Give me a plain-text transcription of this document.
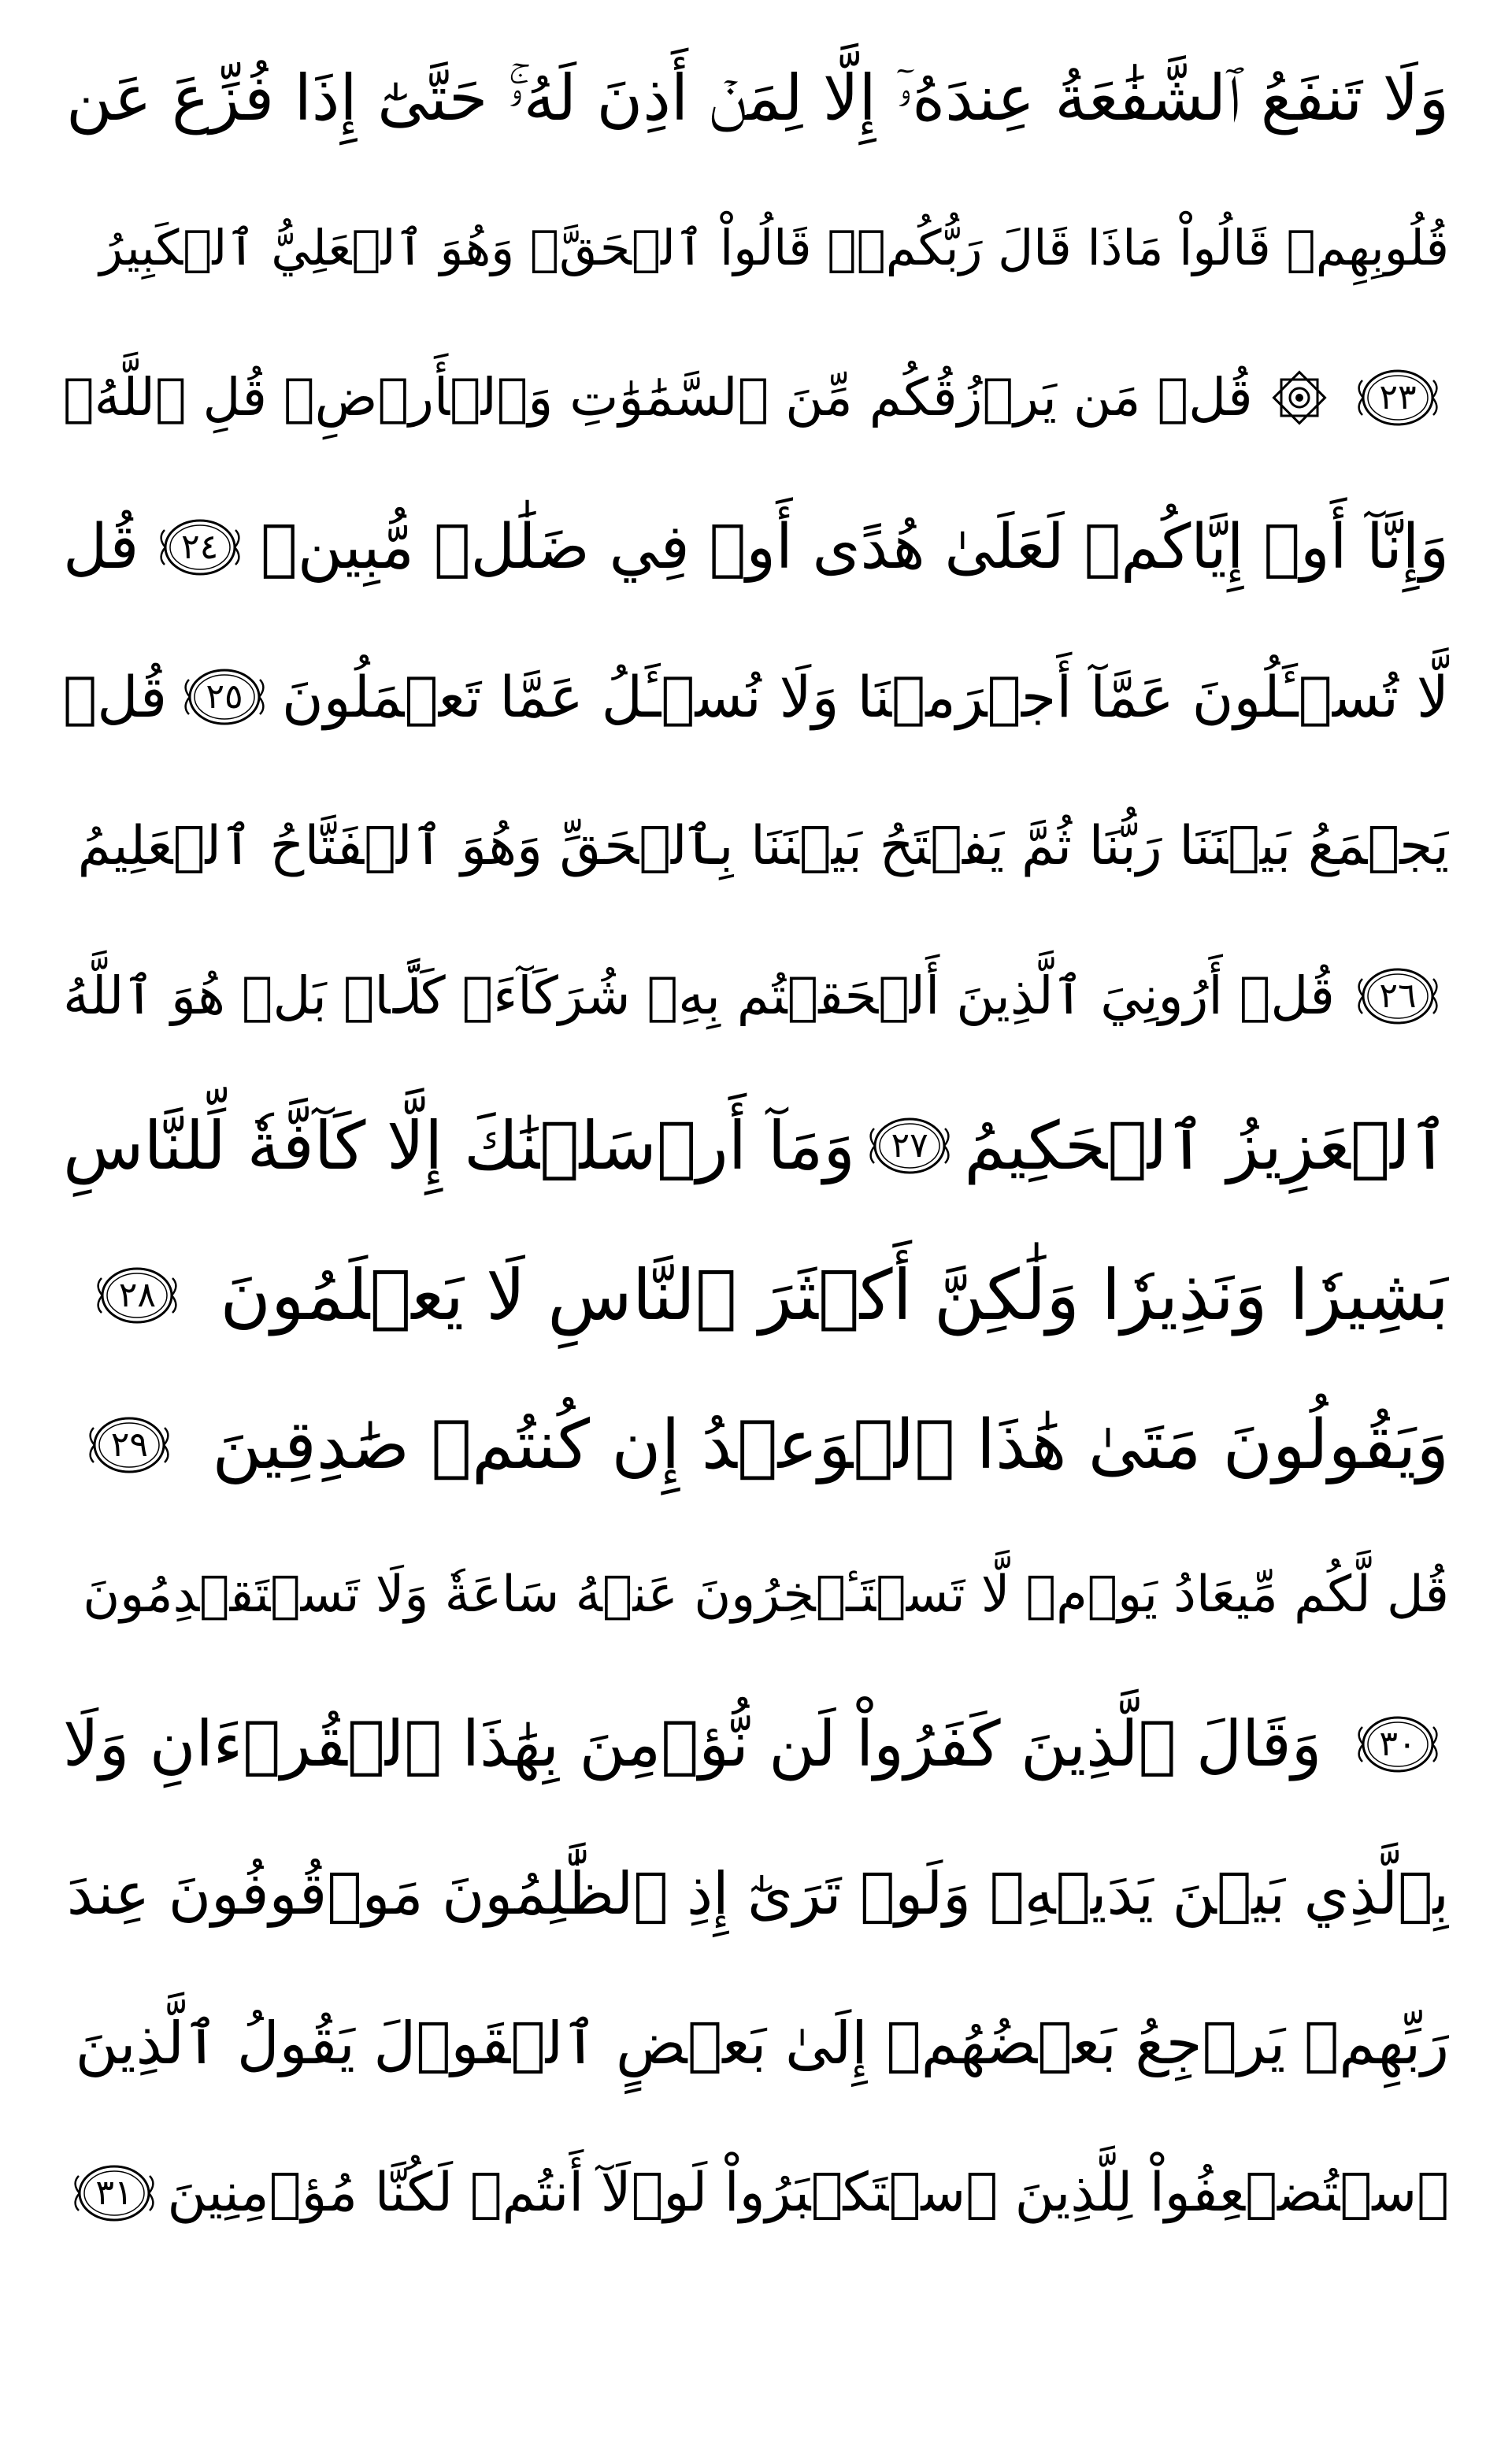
وَلَا تَنفَعُ ٱلشَّفَٰعَةُ عِندَهُۥٓ إِلَّا لِمَنۡ أَذِنَ لَهُۥۚ حَتَّىٰٓ إِذَا فُزِّعَ عَن
قُلُوبِهِمۡ قَالُواْ مَاذَا قَالَ رَبُّكُمۡۖ قَالُواْ ٱلۡحَقَّۖ وَهُوَ ٱلۡعَلِيُّ ٱلۡكَبِيرُ
٢٣
قُلۡ مَن يَرۡزُقُكُم مِّنَ ٱلسَّمَٰوَٰتِ وَٱلۡأَرۡضِۖ قُلِ ٱللَّهُۖ
وَإِنَّآ أَوۡ إِيَّاكُمۡ لَعَلَىٰ هُدًى أَوۡ فِي ضَلَٰلٖ مُّبِينٖ
٢٤
قُل
لَّا تُسۡـَٔلُونَ عَمَّآ أَجۡرَمۡنَا وَلَا نُسۡـَٔلُ عَمَّا تَعۡمَلُونَ
٢٥
قُلۡ
يَجۡمَعُ بَيۡنَنَا رَبُّنَا ثُمَّ يَفۡتَحُ بَيۡنَنَا بِٱلۡحَقِّ وَهُوَ ٱلۡفَتَّاحُ ٱلۡعَلِيمُ
٢٦
قُلۡ أَرُونِيَ ٱلَّذِينَ أَلۡحَقۡتُم بِهِۦ شُرَكَآءَۖ كَلَّاۚ بَلۡ هُوَ ٱللَّهُ
ٱلۡعَزِيزُ ٱلۡحَكِيمُ
٢٧
وَمَآ أَرۡسَلۡنَٰكَ إِلَّا كَآفَّةٗ لِّلنَّاسِ
بَشِيرٗا وَنَذِيرٗا وَلَٰكِنَّ أَكۡثَرَ ٱلنَّاسِ لَا يَعۡلَمُونَ
٢٨
وَيَقُولُونَ مَتَىٰ هَٰذَا ٱلۡوَعۡدُ إِن كُنتُمۡ صَٰدِقِينَ
٢٩
قُل لَّكُم مِّيعَادُ يَوۡمٖ لَّا تَسۡتَـٔۡخِرُونَ عَنۡهُ سَاعَةٗ وَلَا تَسۡتَقۡدِمُونَ
٣٠
وَقَالَ ٱلَّذِينَ كَفَرُواْ لَن نُّؤۡمِنَ بِهَٰذَا ٱلۡقُرۡءَانِ وَلَا
بِٱلَّذِي بَيۡنَ يَدَيۡهِۗ وَلَوۡ تَرَىٰٓ إِذِ ٱلظَّٰلِمُونَ مَوۡقُوفُونَ عِندَ
رَبِّهِمۡ يَرۡجِعُ بَعۡضُهُمۡ إِلَىٰ بَعۡضٍ ٱلۡقَوۡلَ يَقُولُ ٱلَّذِينَ
ٱسۡتُضۡعِفُواْ لِلَّذِينَ ٱسۡتَكۡبَرُواْ لَوۡلَآ أَنتُمۡ لَكُنَّا مُؤۡمِنِينَ
٣١
